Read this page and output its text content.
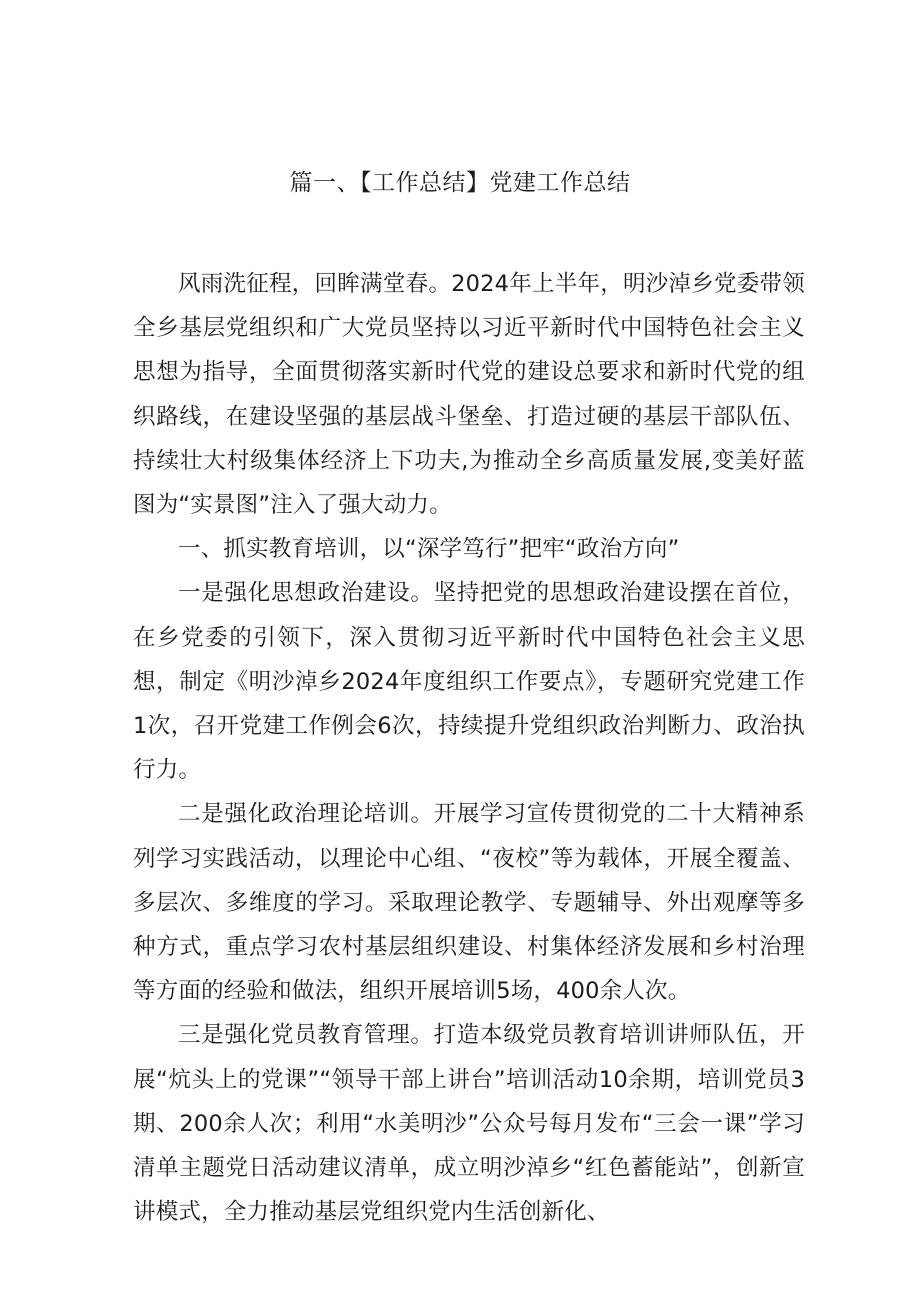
篇一、【工作总结】党建工作总结

风雨洗征程，回眸满堂春。2024年上半年，明沙淖乡党委带领全乡基层党组织和广大党员坚持以习近平新时代中国特色社会主义思想为指导，全面贯彻落实新时代党的建设总要求和新时代党的组织路线，在建设坚强的基层战斗堡垒、打造过硬的基层干部队伍、持续壮大村级集体经济上下功夫,为推动全乡高质量发展,变美好蓝图为“实景图”注入了强大动力。

一、抓实教育培训，以“深学笃行”把牢“政治方向”

一是强化思想政治建设。坚持把党的思想政治建设摆在首位，在乡党委的引领下，深入贯彻习近平新时代中国特色社会主义思想，制定《明沙淖乡2024年度组织工作要点》，专题研究党建工作1次，召开党建工作例会6次，持续提升党组织政治判断力、政治执行力。

二是强化政治理论培训。开展学习宣传贯彻党的二十大精神系列学习实践活动，以理论中心组、“夜校”等为载体，开展全覆盖、多层次、多维度的学习。采取理论教学、专题辅导、外出观摩等多种方式，重点学习农村基层组织建设、村集体经济发展和乡村治理等方面的经验和做法，组织开展培训5场，400余人次。

三是强化党员教育管理。打造本级党员教育培训讲师队伍，开展“炕头上的党课”“领导干部上讲台”培训活动10余期，培训党员3期、200余人次；利用“水美明沙”公众号每月发布“三会一课”学习清单主题党日活动建议清单，成立明沙淖乡“红色蓄能站”，创新宣讲模式，全力推动基层党组织党内生活创新化、
